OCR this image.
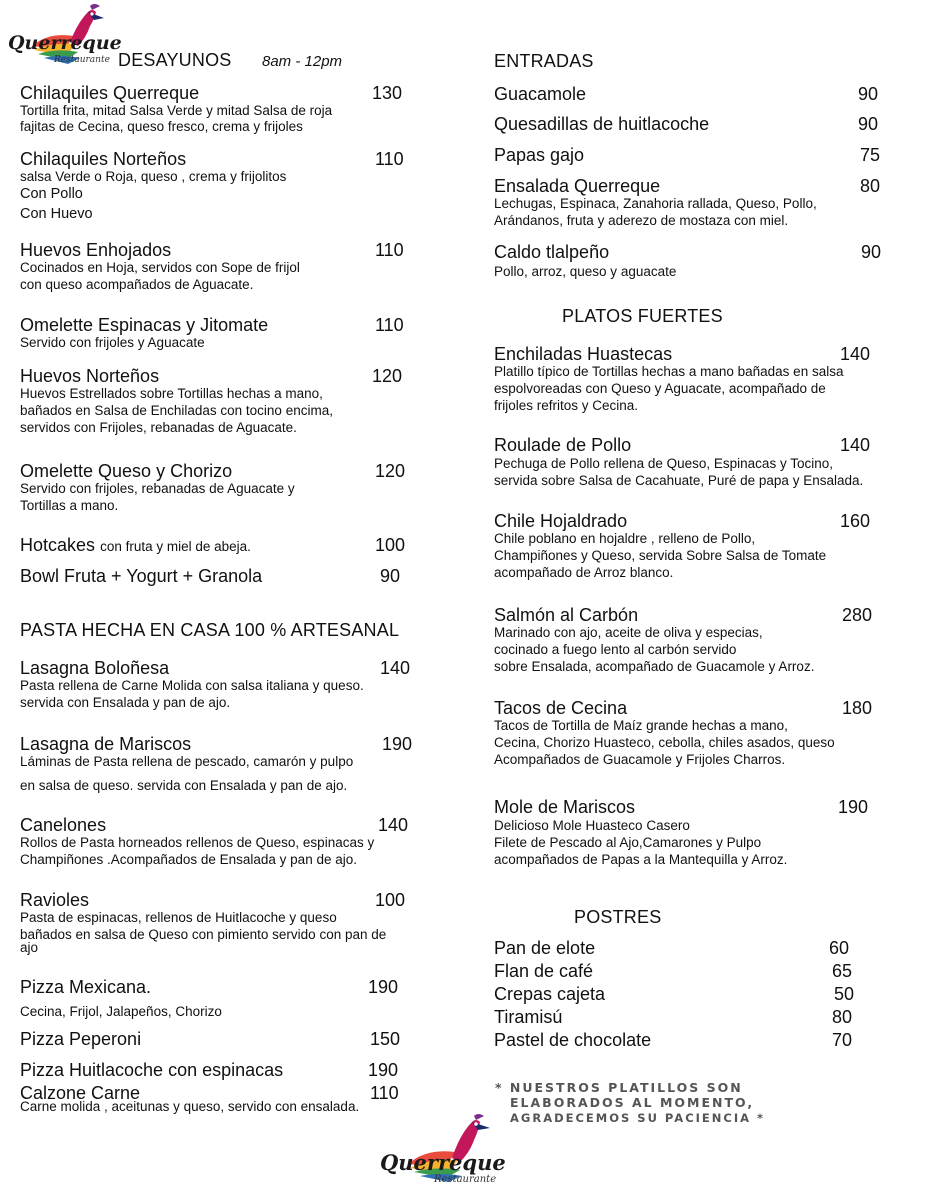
Querreque
Restaurante DESAYUNOS 8am - 12pm
Chilaquiles Querreque	130
Tortilla frita, mitad Salsa Verde y mitad Salsa de roja
fajitas de Cecina, queso fresco, crema y frijoles
Chilaquiles Norteños	110
salsa Verde o Roja, queso , crema y frijolitos
Con Pollo
Con Huevo
Huevos Enhojados	110
Cocinados en Hoja, servidos con Sope de frijol
con queso acompañados de Aguacate.
Omelette Espinacas y Jitomate	110
Servido con frijoles y Aguacate
Huevos Norteños	120
Huevos Estrellados sobre Tortillas hechas a mano,
bañados en Salsa de Enchiladas con tocino encima,
servidos con Frijoles, rebanadas de Aguacate.
Omelette Queso y Chorizo	120
Servido con frijoles, rebanadas de Aguacate y
Tortillas a mano.
Hotcakes con fruta y miel de abeja.	100
Bowl Fruta + Yogurt + Granola	90
PASTA HECHA EN CASA 100 % ARTESANAL
Lasagna Boloñesa	140
Pasta rellena de Carne Molida con salsa italiana y queso.
servida con Ensalada y pan de ajo.
Lasagna de Mariscos	190
Láminas de Pasta rellena de pescado, camarón y pulpo
en salsa de queso. servida con Ensalada y pan de ajo.
Canelones	140
Rollos de Pasta horneados rellenos de Queso, espinacas y
Champiñones .Acompañados de Ensalada y pan de ajo.
Ravioles	100
Pasta de espinacas, rellenos de Huitlacoche y queso
bañados en salsa de Queso con pimiento servido con pan de
ajo
Pizza Mexicana.	190
Cecina, Frijol, Jalapeños, Chorizo
Pizza Peperoni	150
Pizza Huitlacoche con espinacas	190
Calzone Carne	110
Carne molida , aceitunas y queso, servido con ensalada.
ENTRADAS
Guacamole	90
Quesadillas de huitlacoche	90
Papas gajo	75
Ensalada Querreque	80
Lechugas, Espinaca, Zanahoria rallada, Queso, Pollo,
Arándanos, fruta y aderezo de mostaza con miel.
Caldo tlalpeño	90
Pollo, arroz, queso y aguacate
PLATOS FUERTES
Enchiladas Huastecas	140
Platillo típico de Tortillas hechas a mano bañadas en salsa
espolvoreadas con Queso y Aguacate, acompañado de
frijoles refritos y Cecina.
Roulade de Pollo	140
Pechuga de Pollo rellena de Queso, Espinacas y Tocino,
servida sobre Salsa de Cacahuate, Puré de papa y Ensalada.
Chile Hojaldrado	160
Chile poblano en hojaldre , relleno de Pollo,
Champiñones y Queso, servida Sobre Salsa de Tomate
acompañado de Arroz blanco.
Salmón al Carbón	280
Marinado con ajo, aceite de oliva y especias,
cocinado a fuego lento al carbón servido
sobre Ensalada, acompañado de Guacamole y Arroz.
Tacos de Cecina	180
Tacos de Tortilla de Maíz grande hechas a mano,
Cecina, Chorizo Huasteco, cebolla, chiles asados, queso
Acompañados de Guacamole y Frijoles Charros.
Mole de Mariscos	190
Delicioso Mole Huasteco Casero
Filete de Pescado al Ajo,Camarones y Pulpo
acompañados de Papas a la Mantequilla y Arroz.
POSTRES
Pan de elote	60
Flan de café	65
Crepas cajeta	50
Tiramisú	80
Pastel de chocolate	70
* NUESTROS PLATILLOS SON
ELABORADOS AL MOMENTO,
AGRADECEMOS SU PACIENCIA *
Querreque
Restaurante
